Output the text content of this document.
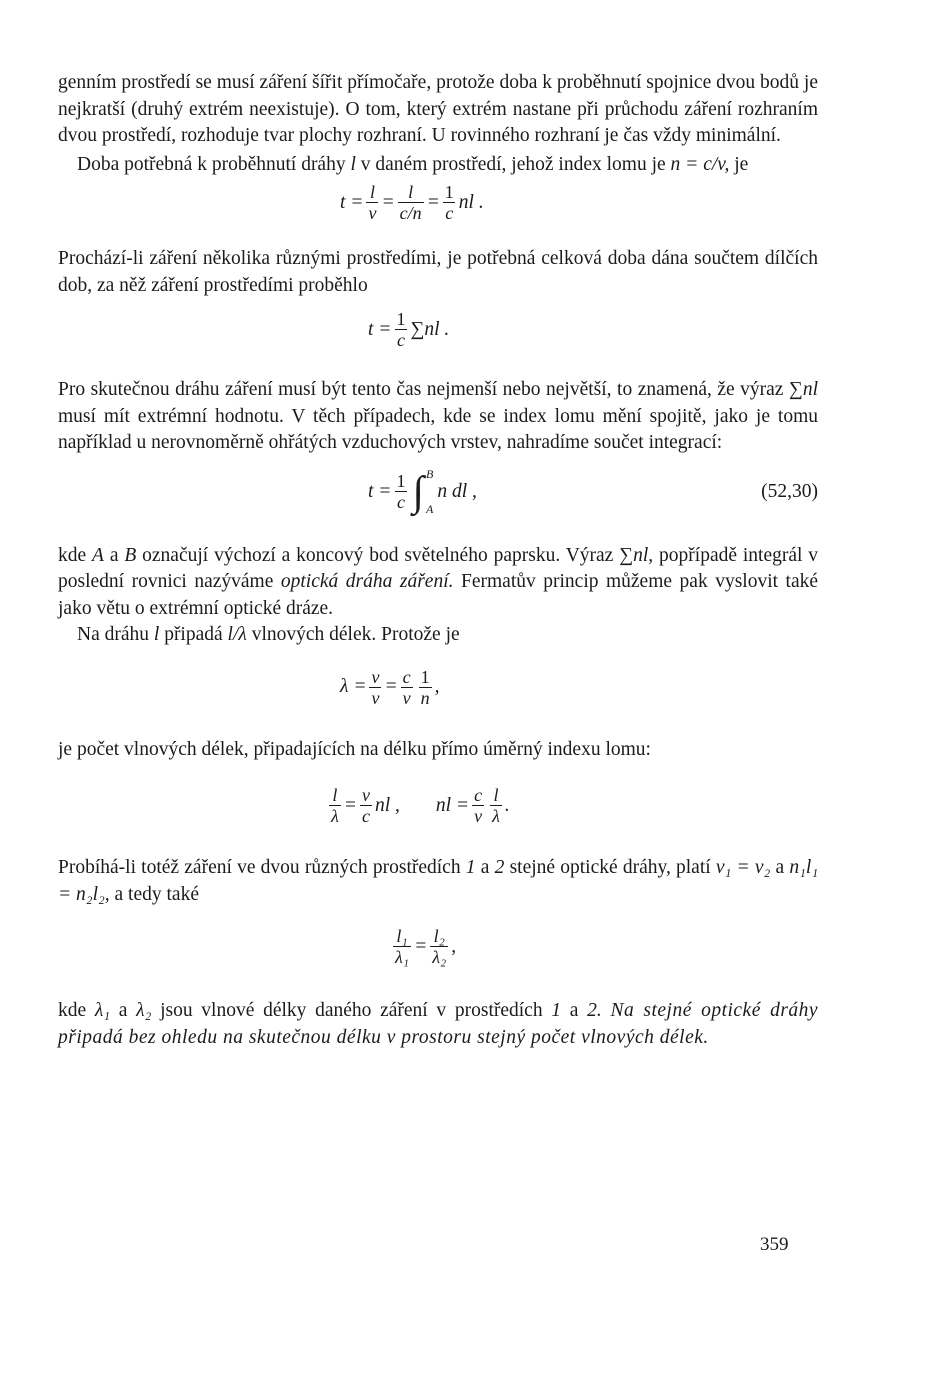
genním prostředí se musí záření šířit přímočaře, protože doba k proběhnutí spojnice dvou bodů je nejkratší (druhý extrém neexistuje). O tom, který extrém nastane při průchodu záření rozhraním dvou prostředí, rozhoduje tvar plochy rozhraní. U rovinného rozhraní je čas vždy minimální.

Doba potřebná k proběhnutí dráhy l v daném prostředí, jehož index lomu je n = c/v, je

$t = \frac{l}{v} = \frac{l}{c/n} = \frac{1}{c}$ nl .

Prochází-li záření několika různými prostředími, je potřebná celková doba dána součtem dílčích dob, za něž záření prostředími proběhlo

$t = \frac{1}{c} \sum nl$ .

Pro skutečnou dráhu záření musí být tento čas nejmenší nebo největší, to znamená, že výraz ∑nl musí mít extrémní hodnotu. V těch případech, kde se index lomu mění spojitě, jako je tomu například u nerovnoměrně ohřátých vzduchových vrstev, nahradíme součet integrací:

$t = \frac{1}{c}$ ∫ B
A
n dl ,	(52,30)

kde A a B označují výchozí a koncový bod světelného paprsku. Výraz ∑nl, popřípadě integrál v poslední rovnici nazýváme optická dráha záření. Fermatův princip můžeme pak vyslovit také jako větu o extrémní optické dráze.

Na dráhu l připadá l/λ vlnových délek. Protože je

$\lambda = \frac{v}{\nu} = \frac{c}{\nu} \frac{1}{n}$ ,

je počet vlnových délek, připadajících na délku přímo úměrný indexu lomu:

$\frac{l}{\lambda} = \frac{\nu}{c}$ nl , nl = $\frac{c}{\nu} \frac{l}{\lambda}$ .

Probíhá-li totéž záření ve dvou různých prostředích 1 a 2 stejné optické dráhy, platí v₁ = v₂ a n₁l₁ = n₂l₂, a tedy také

$\frac{\text{l₁}}{\text{λ₁}} = \frac{\text{l₂}}{\text{λ₂}}$ ,

kde λ₁ a λ₂ jsou vlnové délky daného záření v prostředích 1 a 2. Na stejné optické dráhy připadá bez ohledu na skutečnou délku v prostoru stejný počet vlnových délek.

359
